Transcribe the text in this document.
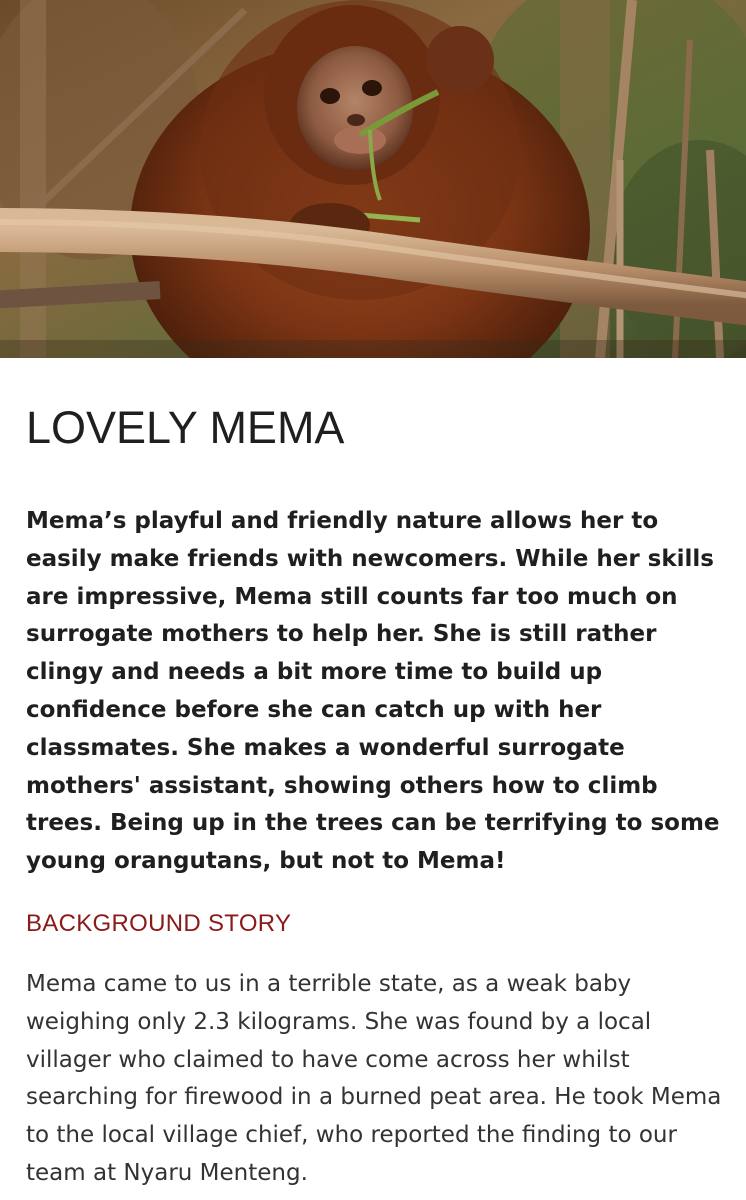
LOVELY MEMA

Mema’s playful and friendly nature allows her to easily make friends with newcomers. While her skills are impressive, Mema still counts far too much on surrogate mothers to help her. She is still rather clingy and needs a bit more time to build up confidence before she can catch up with her classmates. She makes a wonderful surrogate mothers' assistant, showing others how to climb trees. Being up in the trees can be terrifying to some young orangutans, but not to Mema!

BACKGROUND STORY

Mema came to us in a terrible state, as a weak baby weighing only 2.3 kilograms. She was found by a local villager who claimed to have come across her whilst searching for firewood in a burned peat area. He took Mema to the local village chief, who reported the finding to our team at Nyaru Menteng.
